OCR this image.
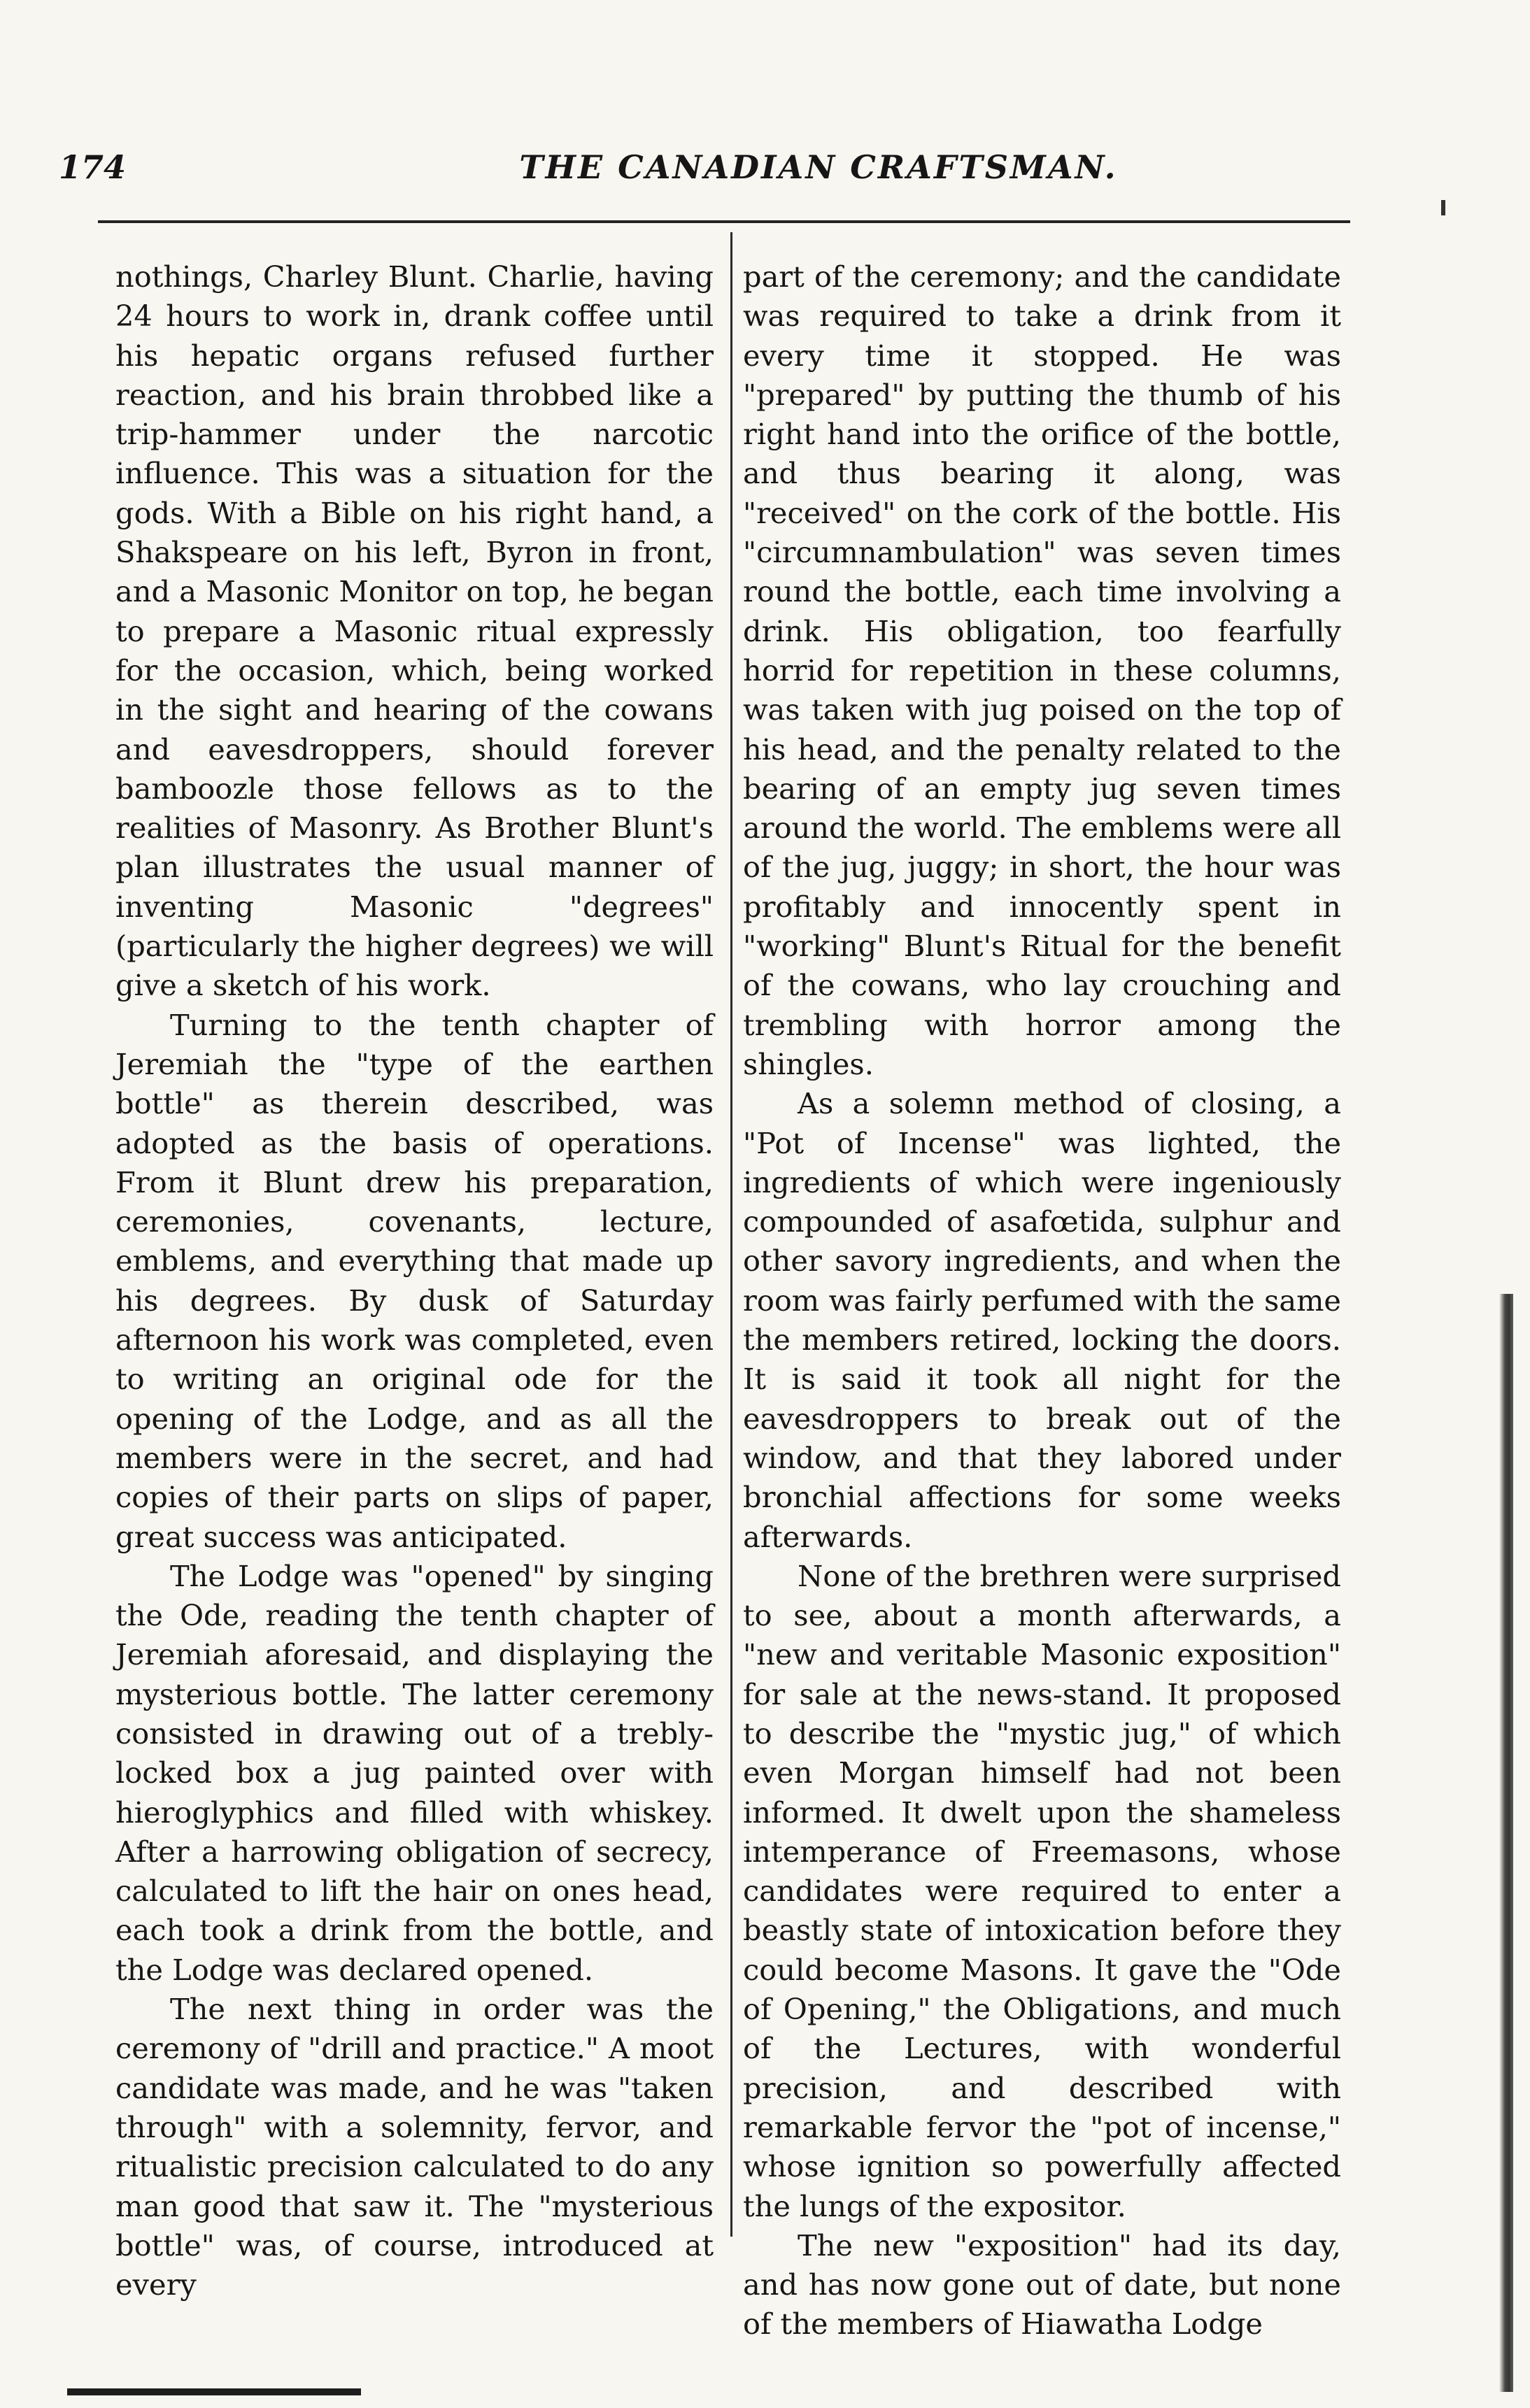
174	THE CANADIAN CRAFTSMAN.

nothings, Charley Blunt. Charlie, having 24 hours to work in, drank coffee until his hepatic organs refused further reaction, and his brain throbbed like a trip-hammer under the narcotic influence. This was a situation for the gods. With a Bible on his right hand, a Shakspeare on his left, Byron in front, and a Masonic Monitor on top, he began to prepare a Masonic ritual expressly for the occasion, which, being worked in the sight and hearing of the cowans and eavesdroppers, should forever bamboozle those fellows as to the realities of Masonry. As Brother Blunt's plan illustrates the usual manner of inventing Masonic "degrees" (particularly the higher degrees) we will give a sketch of his work.

Turning to the tenth chapter of Jeremiah the "type of the earthen bottle" as therein described, was adopted as the basis of operations. From it Blunt drew his preparation, ceremonies, covenants, lecture, emblems, and everything that made up his degrees. By dusk of Saturday afternoon his work was completed, even to writing an original ode for the opening of the Lodge, and as all the members were in the secret, and had copies of their parts on slips of paper, great success was anticipated.

The Lodge was "opened" by singing the Ode, reading the tenth chapter of Jeremiah aforesaid, and displaying the mysterious bottle. The latter ceremony consisted in drawing out of a trebly-locked box a jug painted over with hieroglyphics and filled with whiskey. After a harrowing obligation of secrecy, calculated to lift the hair on ones head, each took a drink from the bottle, and the Lodge was declared opened.

The next thing in order was the ceremony of "drill and practice." A moot candidate was made, and he was "taken through" with a solemnity, fervor, and ritualistic precision calculated to do any man good that saw it. The "mysterious bottle" was, of course, introduced at every

part of the ceremony; and the candidate was required to take a drink from it every time it stopped. He was "prepared" by putting the thumb of his right hand into the orifice of the bottle, and thus bearing it along, was "received" on the cork of the bottle. His "circumnambulation" was seven times round the bottle, each time involving a drink. His obligation, too fearfully horrid for repetition in these columns, was taken with jug poised on the top of his head, and the penalty related to the bearing of an empty jug seven times around the world. The emblems were all of the jug, juggy; in short, the hour was profitably and innocently spent in "working" Blunt's Ritual for the benefit of the cowans, who lay crouching and trembling with horror among the shingles.

As a solemn method of closing, a "Pot of Incense" was lighted, the ingredients of which were ingeniously compounded of asafœtida, sulphur and other savory ingredients, and when the room was fairly perfumed with the same the members retired, locking the doors. It is said it took all night for the eavesdroppers to break out of the window, and that they labored under bronchial affections for some weeks afterwards.

None of the brethren were surprised to see, about a month afterwards, a "new and veritable Masonic exposition" for sale at the news-stand. It proposed to describe the "mystic jug," of which even Morgan himself had not been informed. It dwelt upon the shameless intemperance of Freemasons, whose candidates were required to enter a beastly state of intoxication before they could become Masons. It gave the "Ode of Opening," the Obligations, and much of the Lectures, with wonderful precision, and described with remarkable fervor the "pot of incense," whose ignition so powerfully affected the lungs of the expositor.

The new "exposition" had its day, and has now gone out of date, but none of the members of Hiawatha Lodge
